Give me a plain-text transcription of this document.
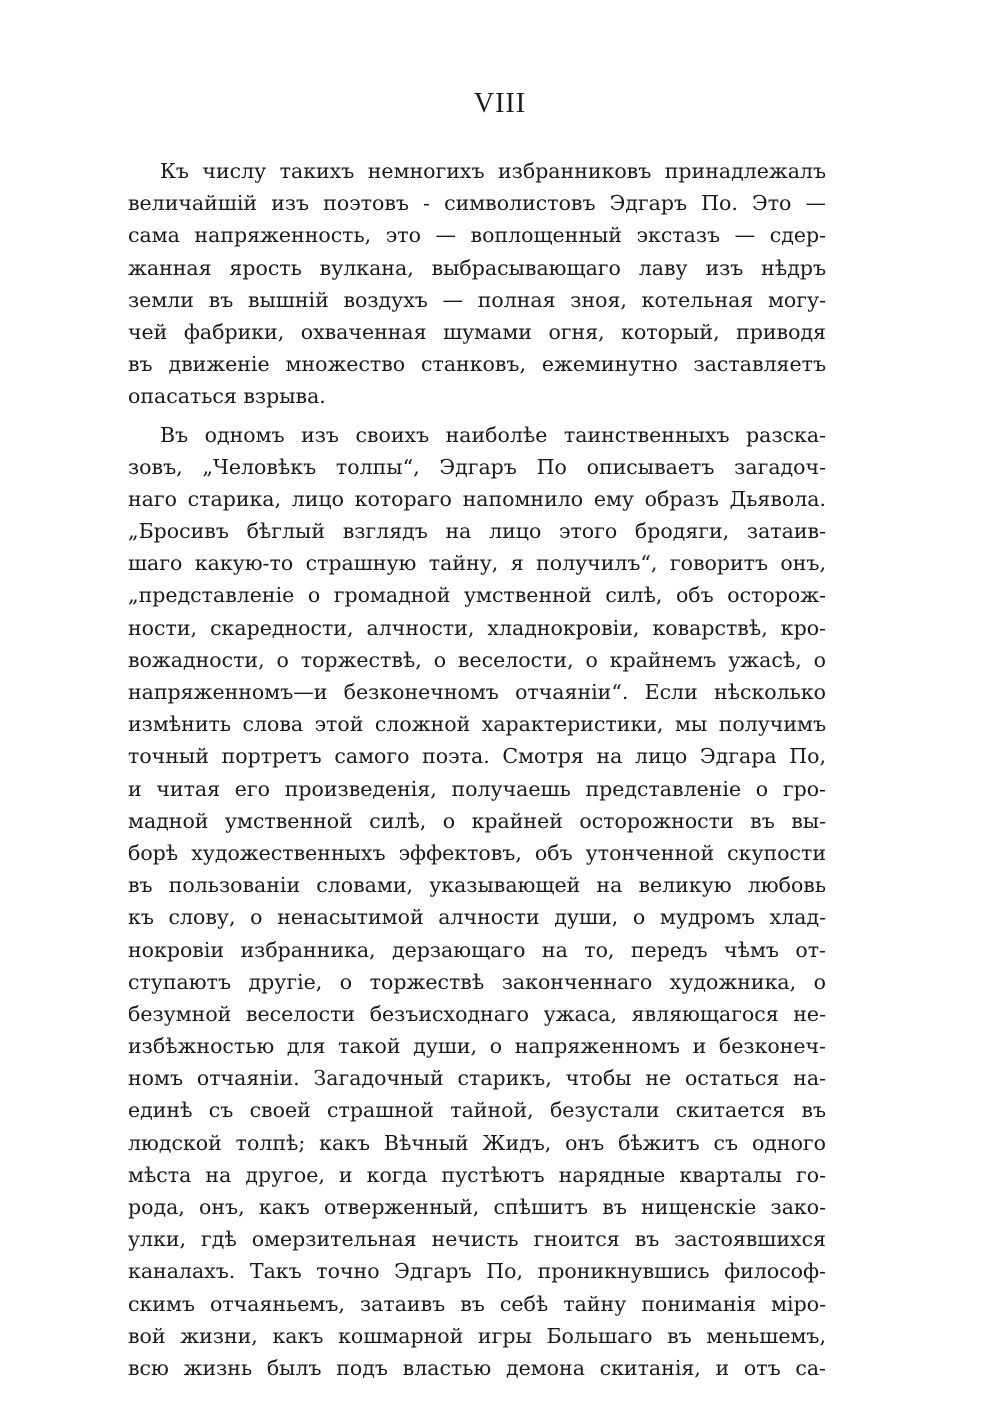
VIII
Къ числу такихъ немногихъ избранниковъ принадлежалъ
величайшій изъ поэтовъ - символистовъ Эдгаръ По. Это —
сама напряженность, это — воплощенный экстазъ — сдер-
жанная ярость вулкана, выбрасывающаго лаву изъ нѣдръ
земли въ вышній воздухъ — полная зноя, котельная могу-
чей фабрики, охваченная шумами огня, который, приводя
въ движеніе множество станковъ, ежеминутно заставляетъ
опасаться взрыва.
Въ одномъ изъ своихъ наиболѣе таинственныхъ разска-
зовъ, „Человѣкъ толпы“, Эдгаръ По описываетъ загадоч-
наго старика, лицо котораго напомнило ему образъ Дьявола.
„Бросивъ бѣглый взглядъ на лицо этого бродяги, затаив-
шаго какую-то страшную тайну, я получилъ“, говоритъ онъ,
„представленіе о громадной умственной силѣ, объ осторож-
ности, скаредности, алчности, хладнокровіи, коварствѣ, кро-
вожадности, о торжествѣ, о веселости, о крайнемъ ужасѣ, о
напряженномъ—и безконечномъ отчаяніи“. Если нѣсколько
измѣнить слова этой сложной характеристики, мы получимъ
точный портретъ самого поэта. Смотря на лицо Эдгара По,
и читая его произведенія, получаешь представленіе о гро-
мадной умственной силѣ, о крайней осторожности въ вы-
борѣ художественныхъ эффектовъ, объ утонченной скупости
въ пользованіи словами, указывающей на великую любовь
къ слову, о ненасытимой алчности души, о мудромъ хлад-
нокровіи избранника, дерзающаго на то, передъ чѣмъ от-
ступаютъ другіе, о торжествѣ законченнаго художника, о
безумной веселости безъисходнаго ужаса, являющагося не-
избѣжностью для такой души, о напряженномъ и безконеч-
номъ отчаяніи. Загадочный старикъ, чтобы не остаться на-
единѣ съ своей страшной тайной, безустали скитается въ
людской толпѣ; какъ Вѣчный Жидъ, онъ бѣжитъ съ одного
мѣста на другое, и когда пустѣютъ нарядные кварталы го-
рода, онъ, какъ отверженный, спѣшитъ въ нищенскіе зако-
улки, гдѣ омерзительная нечисть гноится въ застоявшихся
каналахъ. Такъ точно Эдгаръ По, проникнувшись философ-
скимъ отчаяньемъ, затаивъ въ себѣ тайну пониманія міро-
вой жизни, какъ кошмарной игры Большаго въ меньшемъ,
всю жизнь былъ подъ властью демона скитанія, и отъ са-
